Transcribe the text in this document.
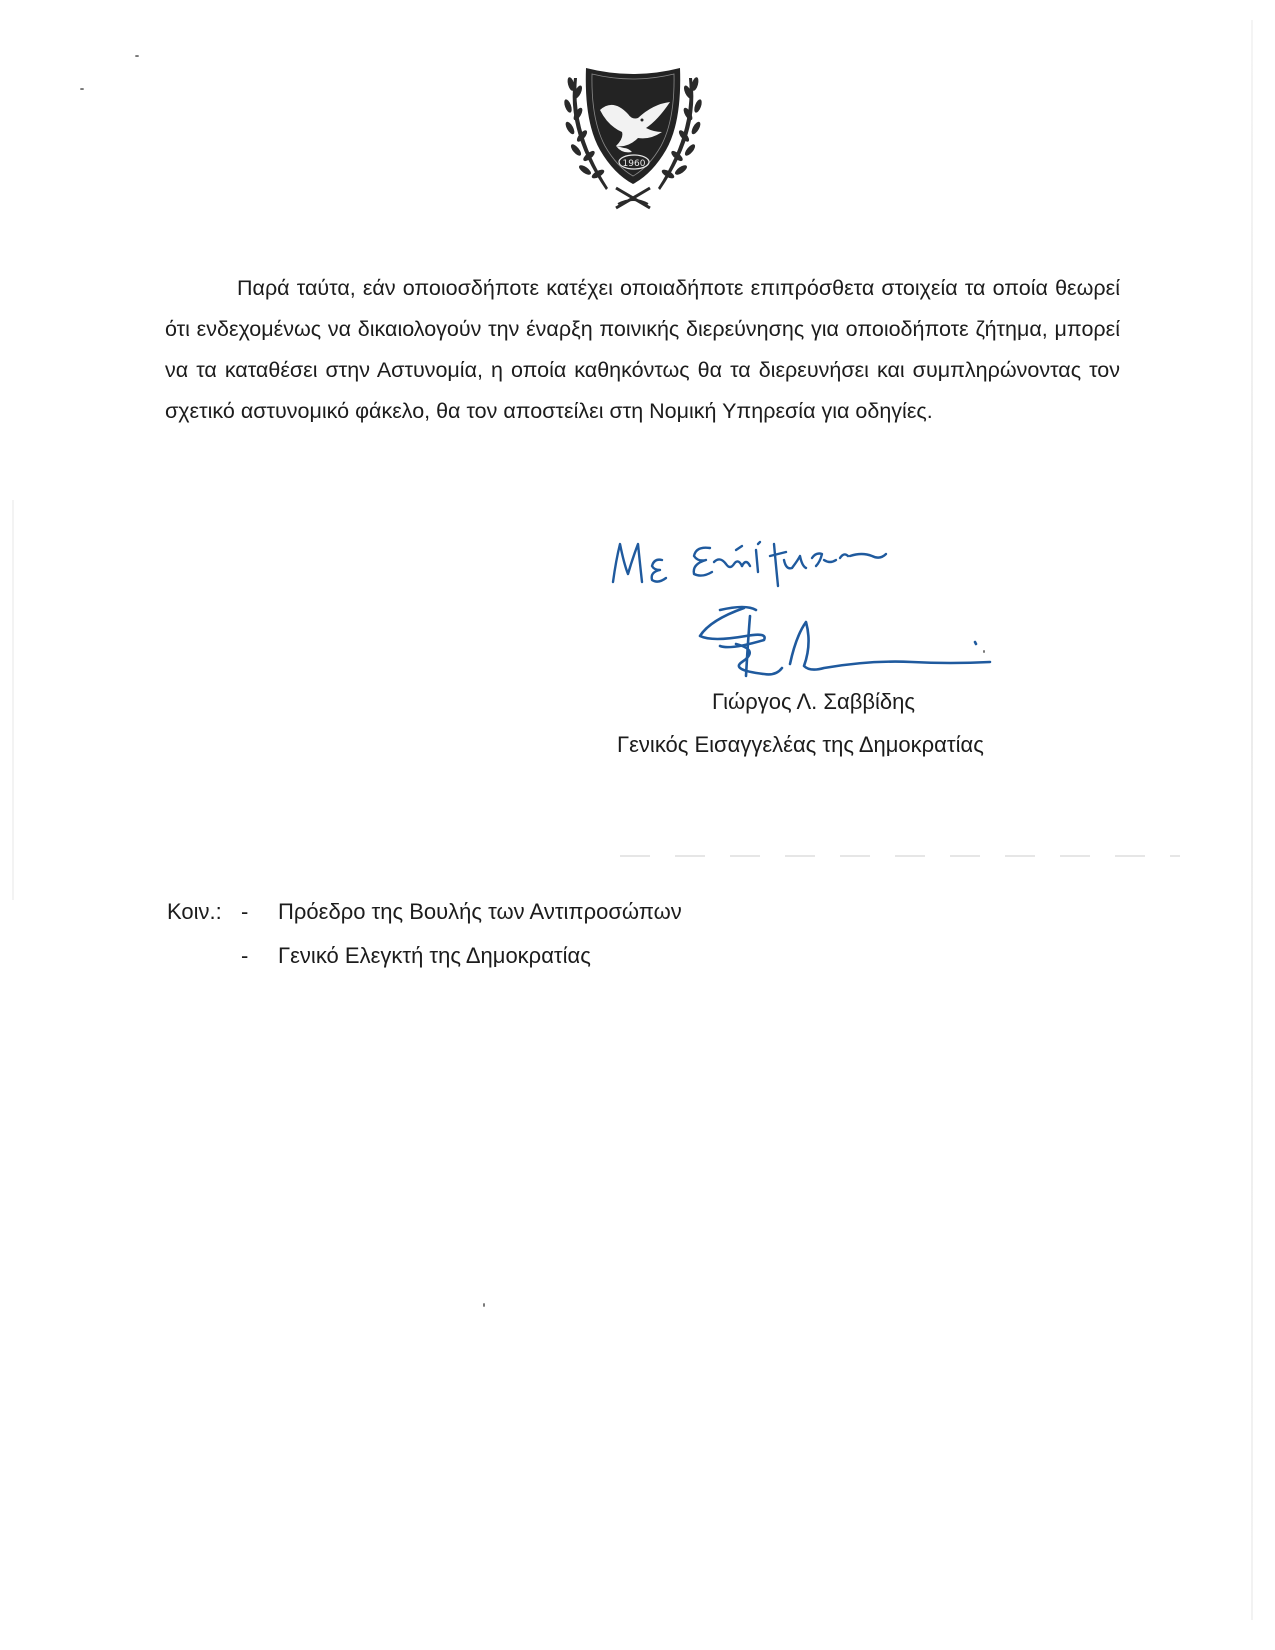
1960

Παρά ταύτα, εάν οποιοσδήποτε κατέχει οποιαδήποτε επιπρόσθετα στοιχεία τα οποία θεωρεί ότι ενδεχομένως να δικαιολογούν την έναρξη ποινικής διερεύνησης για οποιοδήποτε ζήτημα, μπορεί να τα καταθέσει στην Αστυνομία, η οποία καθηκόντως θα τα διερευνήσει και συμπληρώνοντας τον σχετικό αστυνομικό φάκελο, θα τον αποστείλει στη Νομική Υπηρεσία για οδηγίες.

Γιώργος Λ. Σαββίδης

Γενικός Εισαγγελέας της Δημοκρατίας

Κοιν.: - Πρόεδρο της Βουλής των Αντιπροσώπων
- Γενικό Ελεγκτή της Δημοκρατίας
